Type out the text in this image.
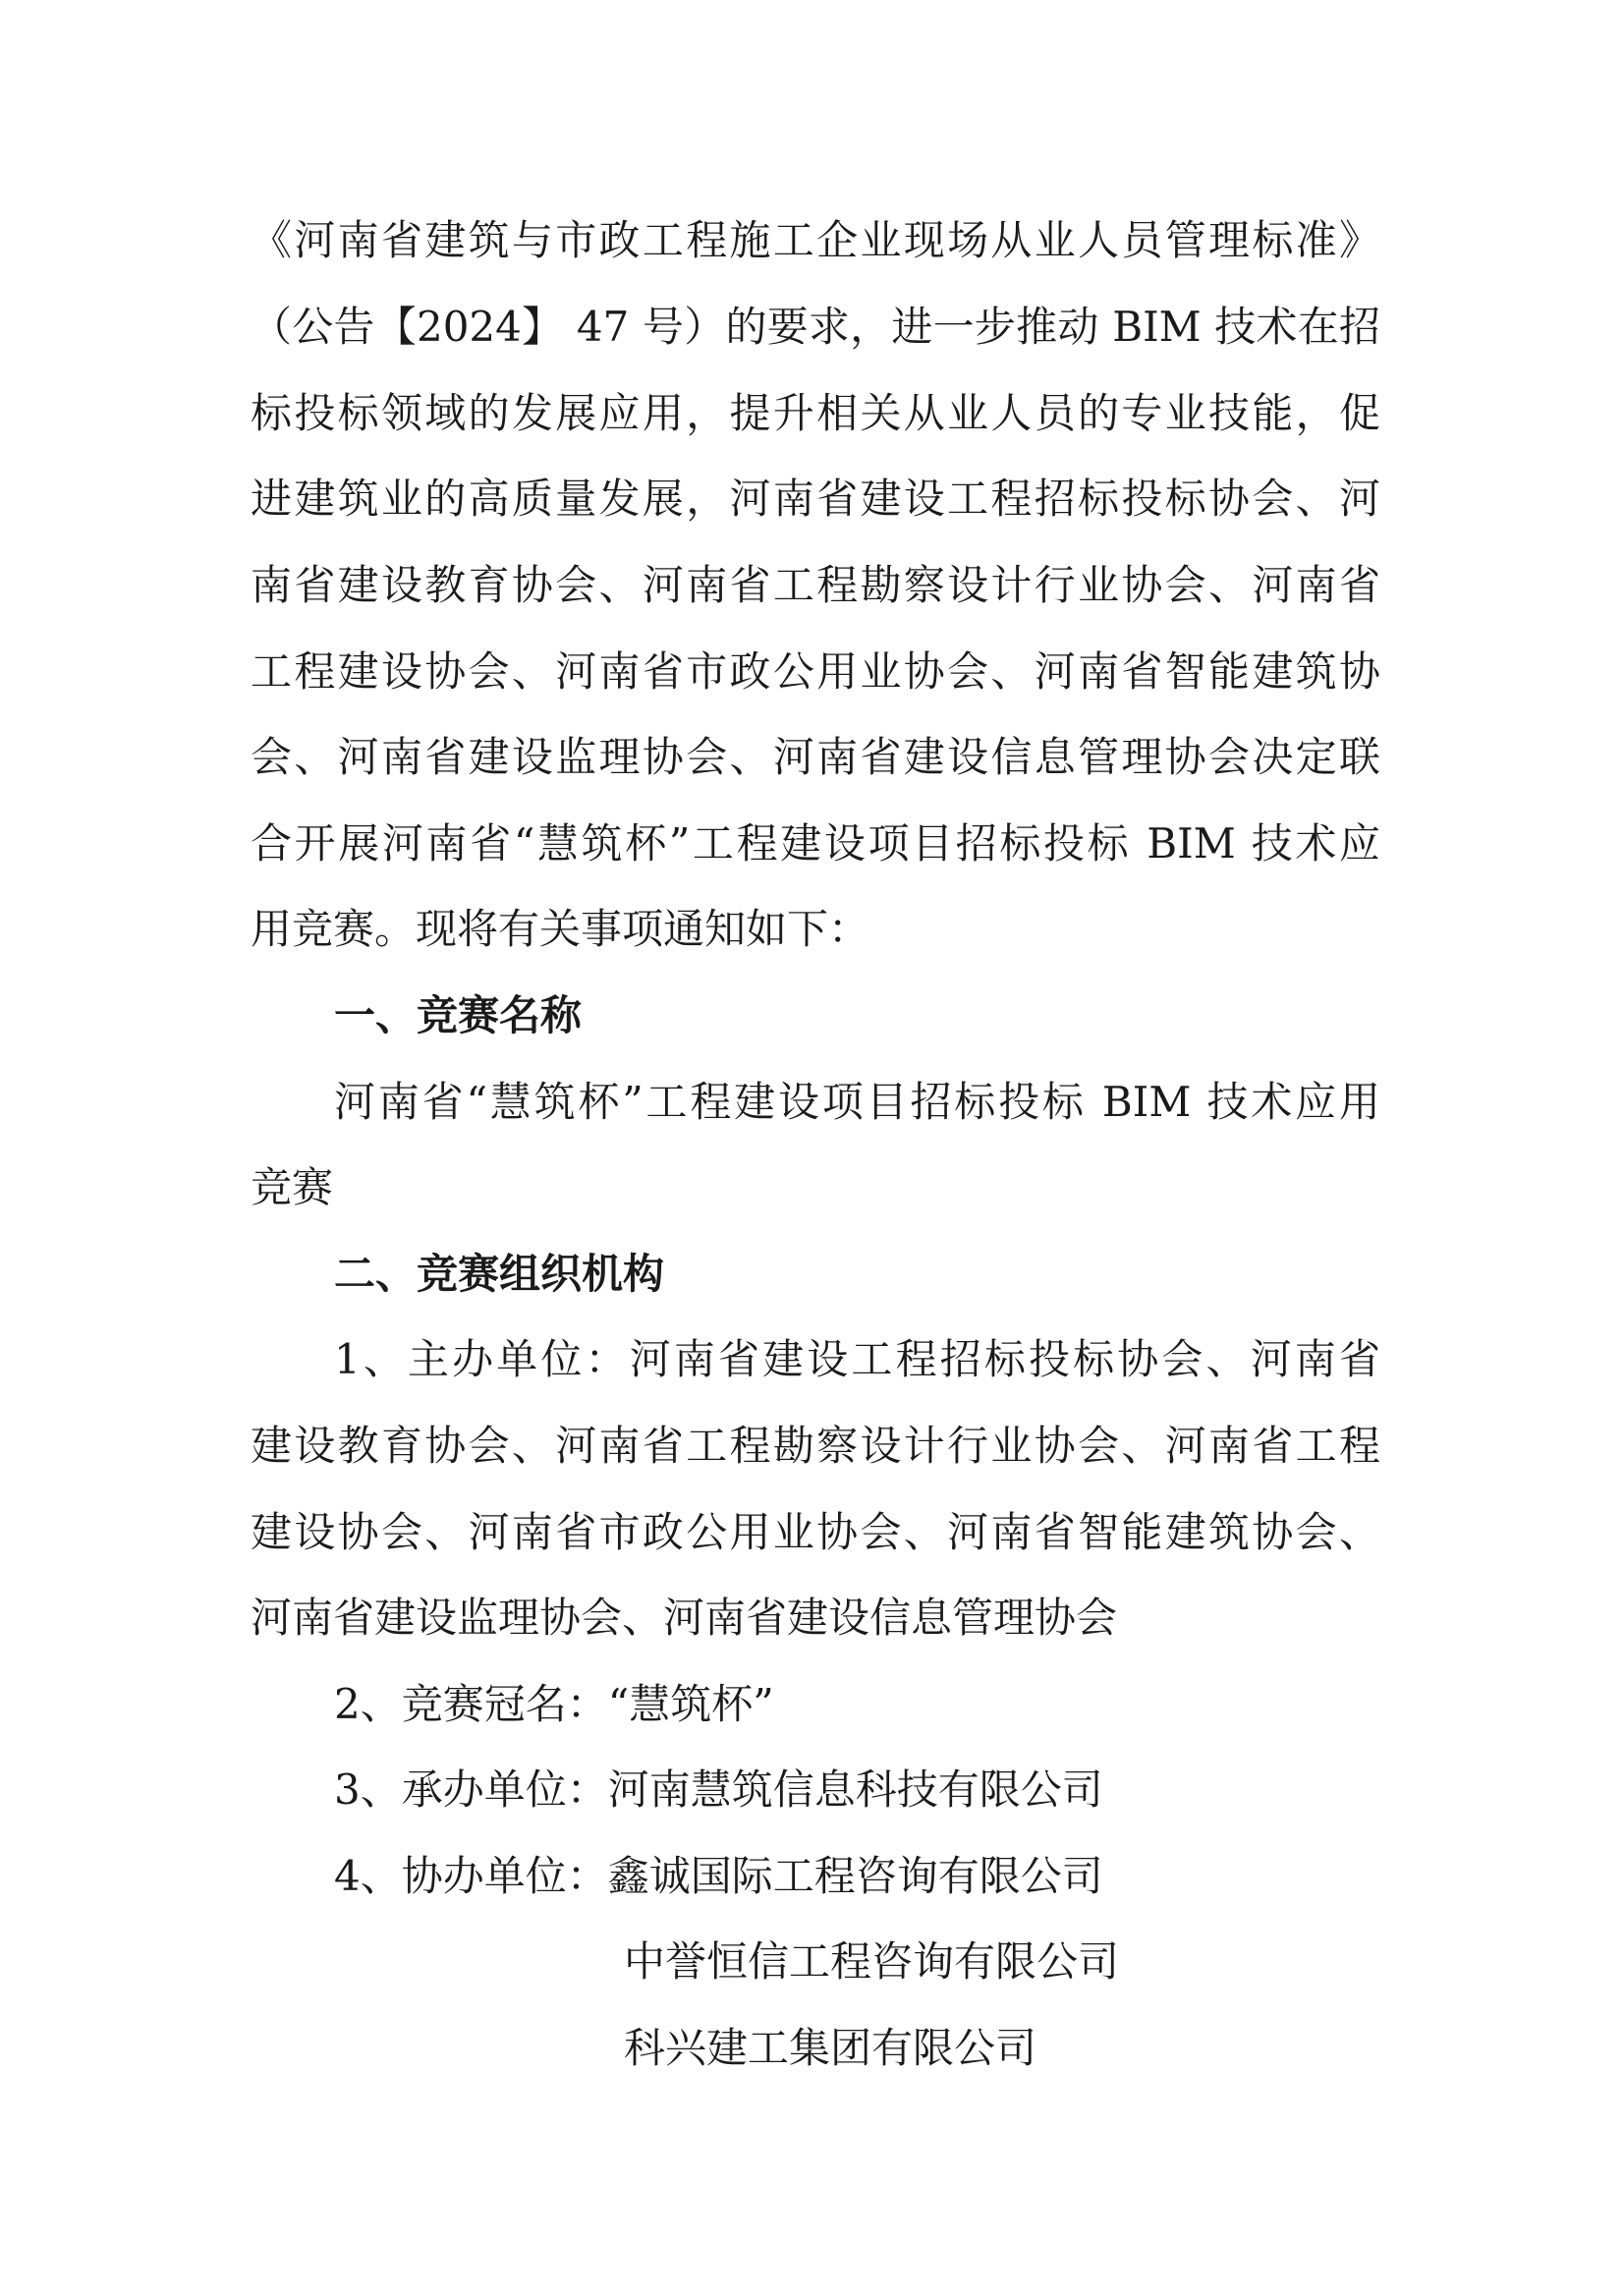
《河南省建筑与市政工程施工企业现场从业人员管理标准》
（公告【2024】 47 号）的要求，进一步推动 BIM 技术在招
标投标领域的发展应用，提升相关从业人员的专业技能，促
进建筑业的高质量发展，河南省建设工程招标投标协会、河
南省建设教育协会、河南省工程勘察设计行业协会、河南省
工程建设协会、河南省市政公用业协会、河南省智能建筑协
会、河南省建设监理协会、河南省建设信息管理协会决定联
合开展河南省“慧筑杯”工程建设项目招标投标 BIM 技术应
用竞赛。现将有关事项通知如下：
一、竞赛名称
河南省“慧筑杯”工程建设项目招标投标 BIM 技术应用
竞赛
二、竞赛组织机构
1、主办单位：河南省建设工程招标投标协会、河南省
建设教育协会、河南省工程勘察设计行业协会、河南省工程
建设协会、河南省市政公用业协会、河南省智能建筑协会、
河南省建设监理协会、河南省建设信息管理协会
2、竞赛冠名：“慧筑杯”
3、承办单位：河南慧筑信息科技有限公司
4、协办单位：鑫诚国际工程咨询有限公司
中誉恒信工程咨询有限公司
科兴建工集团有限公司
